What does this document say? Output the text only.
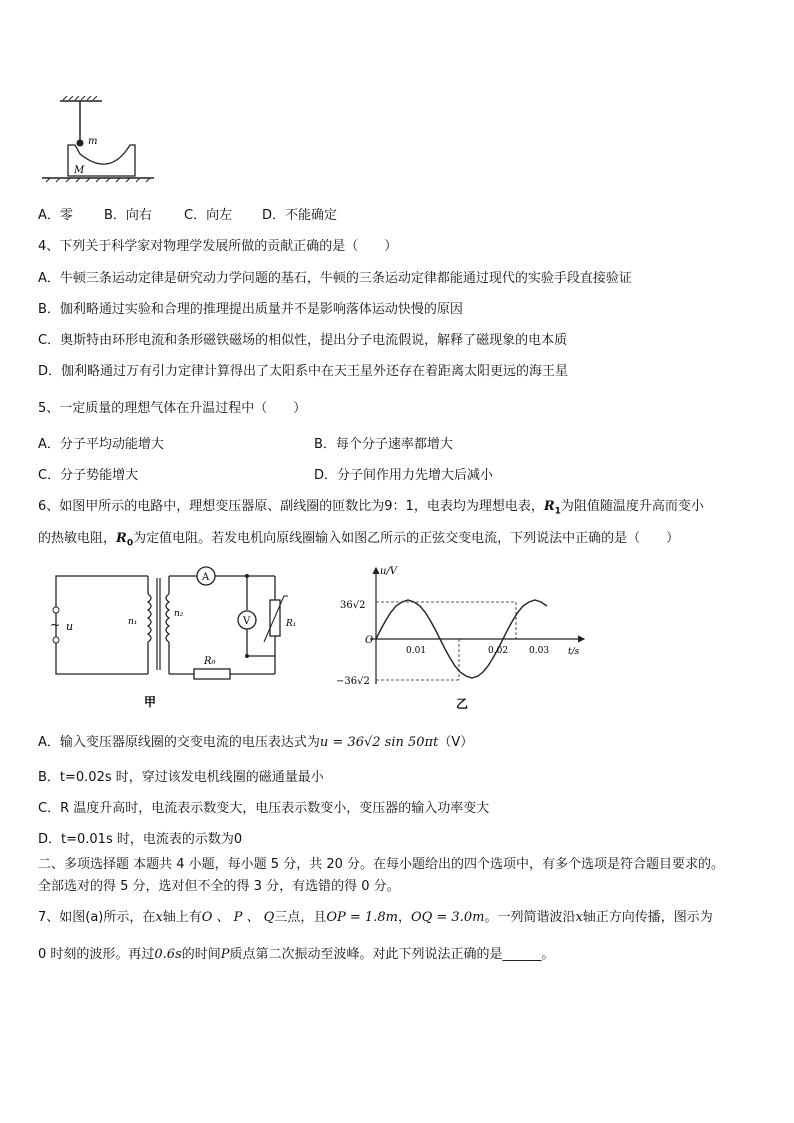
m
M
A．零 B．向右 C．向左 D．不能确定
4、下列关于科学家对物理学发展所做的贡献正确的是（　　）
A．牛顿三条运动定律是研究动力学问题的基石，牛顿的三条运动定律都能通过现代的实验手段直接验证
B．伽利略通过实验和合理的推理提出质量并不是影响落体运动快慢的原因
C．奥斯特由环形电流和条形磁铁磁场的相似性，提出分子电流假说，解释了磁现象的电本质
D．伽利略通过万有引力定律计算得出了太阳系中在天王星外还存在着距离太阳更远的海王星
5、一定质量的理想气体在升温过程中（　　）
A．分子平均动能增大	B．每个分子速率都增大
C．分子势能增大	D．分子间作用力先增大后减小
6、如图甲所示的电路中，理想变压器原、副线圈的匝数比为9：1，电表均为理想电表，$R_1$为阻值随温度升高而变小
的热敏电阻，$R_0$为定值电阻。若发电机向原线圈输入如图乙所示的正弦交变电流，下列说法中正确的是（　　）
~ u	n₁
n₂
A
V	R₁
R₀
甲
u/V
t/s
O
36√2
−36√2
0.01	0.02 0.03
乙
A．输入变压器原线圈的交变电流的电压表达式为u = 36√2 sin 50πt（V）
B．t=0.02s 时，穿过该发电机线圈的磁通量最小
C．R 温度升高时，电流表示数变大，电压表示数变小，变压器的输入功率变大
D．t=0.01s 时，电流表的示数为0
二、多项选择题 本题共 4 小题，每小题 5 分，共 20 分。在每小题给出的四个选项中，有多个选项是符合题目要求的。
全部选对的得 5 分，选对但不全的得 3 分，有选错的得 0 分。
7、如图(a)所示，在x轴上有O 、 P 、 Q三点，且OP = 1.8m，OQ = 3.0m。一列简谐波沿x轴正方向传播，图示为
0 时刻的波形。再过0.6s的时间P质点第二次振动至波峰。对此下列说法正确的是______。
